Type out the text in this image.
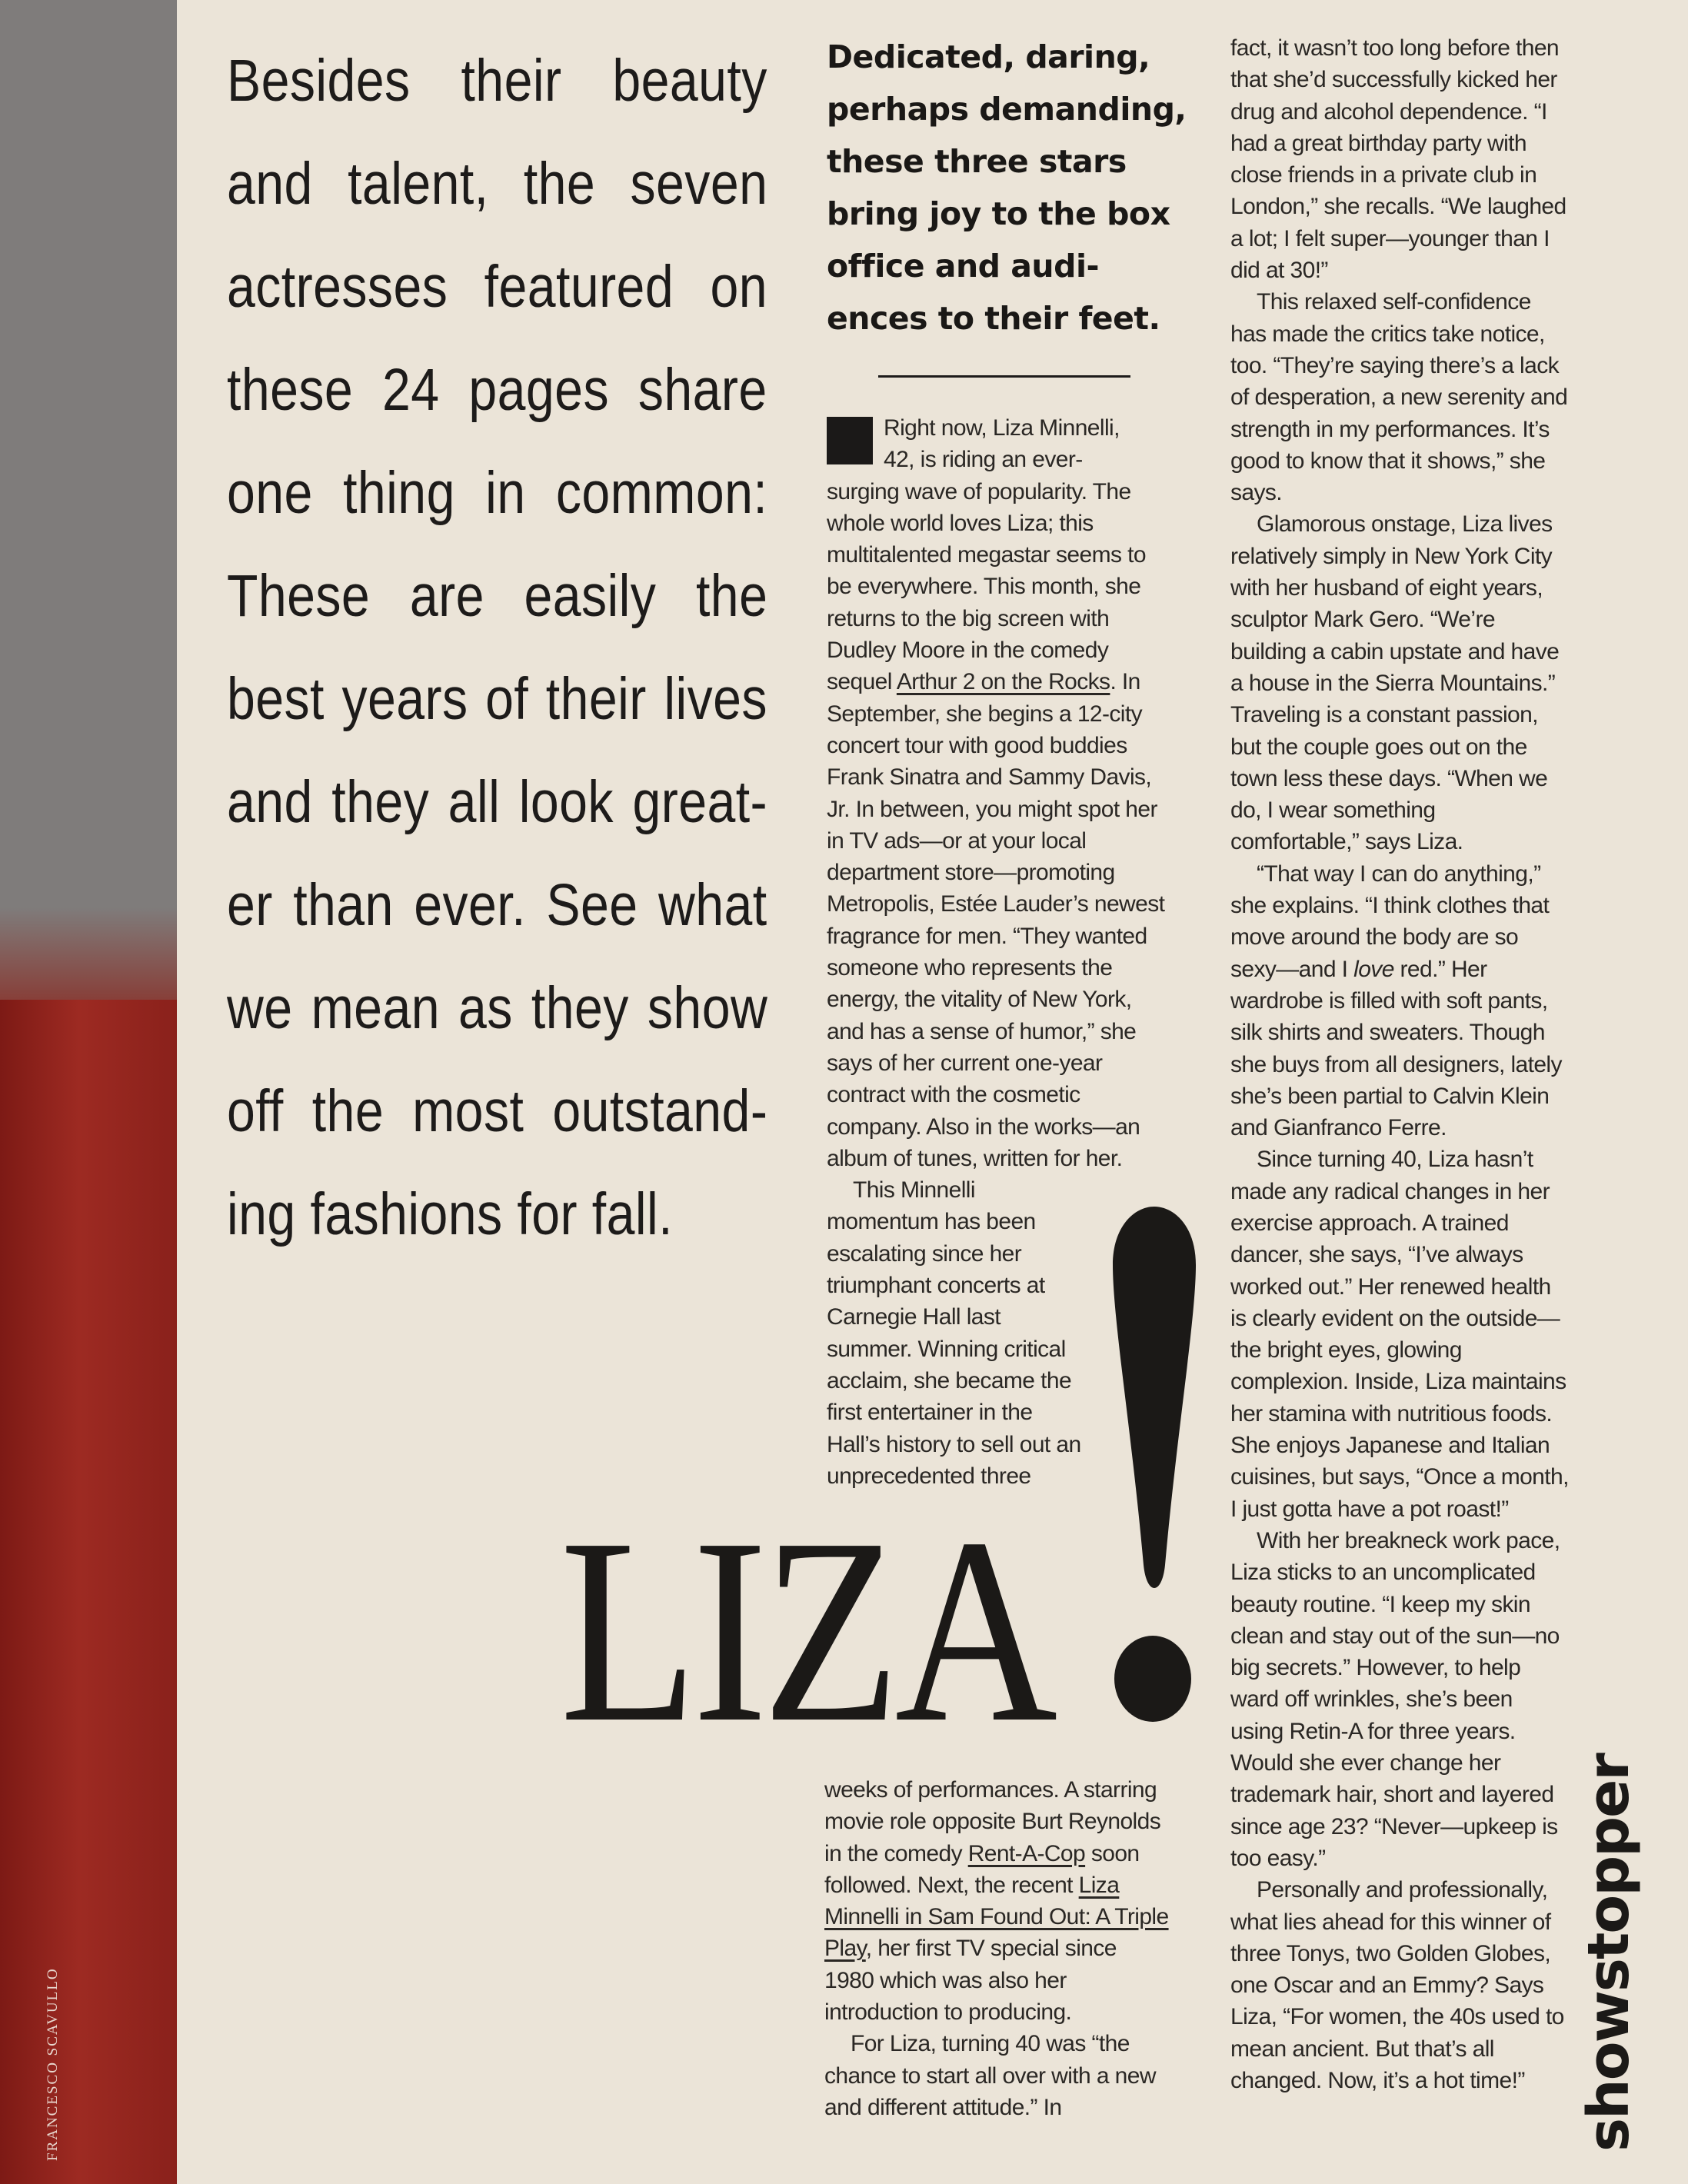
FRANCESCO SCAVULLO
Besides their beauty
and talent, the seven
actresses featured on
these 24 pages share
one thing in common:
These are easily the
best years of their lives
and they all look great-
er than ever. See what
we mean as they show
off the most outstand-
ing fashions for fall.
Dedicated, daring,
perhaps demanding,
these three stars
bring joy to the box
office and audi-
ences to their feet.

Right now, Liza Minnelli,
42, is riding an ever-
surging wave of popularity. The whole world loves Liza; this multitalented megastar seems to be everywhere. This month, she returns to the big screen with Dudley Moore in the comedy sequel Arthur 2 on the Rocks. In September, she begins a 12-city concert tour with good buddies Frank Sinatra and Sammy Davis, Jr. In between, you might spot her in TV ads—or at your local department store—promoting Metropolis, Estée Lauder’s newest fragrance for men. “They wanted someone who represents the energy, the vitality of New York, and has a sense of humor,” she says of her current one-year contract with the cosmetic company. Also in the works—an album of tunes, written for her.

This Minnelli
momentum has been
escalating since her
triumphant concerts at
Carnegie Hall last
summer. Winning critical
acclaim, she became the
first entertainer in the
Hall’s history to sell out an
unprecedented three

LIZA

weeks of performances. A starring movie role opposite Burt Reynolds in the comedy Rent-A-Cop soon followed. Next, the recent Liza Minnelli in Sam Found Out: A Triple Play, her first TV special since 1980 which was also her introduction to producing.

For Liza, turning 40 was “the chance to start all over with a new and different attitude.” In

fact, it wasn’t too long before then that she’d successfully kicked her drug and alcohol dependence. “I had a great birthday party with close friends in a private club in London,” she recalls. “We laughed a lot; I felt super—younger than I did at 30!”

This relaxed self-confidence has made the critics take notice, too. “They’re saying there’s a lack of desperation, a new serenity and strength in my performances. It’s good to know that it shows,” she says.

Glamorous onstage, Liza lives relatively simply in New York City with her husband of eight years, sculptor Mark Gero. “We’re building a cabin upstate and have a house in the Sierra Mountains.” Traveling is a constant passion, but the couple goes out on the town less these days. “When we do, I wear something comfortable,” says Liza.

“That way I can do anything,” she explains. “I think clothes that move around the body are so sexy—and I love red.” Her wardrobe is filled with soft pants, silk shirts and sweaters. Though she buys from all designers, lately she’s been partial to Calvin Klein and Gianfranco Ferre.

Since turning 40, Liza hasn’t made any radical changes in her exercise approach. A trained dancer, she says, “I’ve always worked out.” Her renewed health is clearly evident on the outside—the bright eyes, glowing complexion. Inside, Liza maintains her stamina with nutritious foods. She enjoys Japanese and Italian cuisines, but says, “Once a month, I just gotta have a pot roast!”

With her breakneck work pace, Liza sticks to an uncomplicated beauty routine. “I keep my skin clean and stay out of the sun—no big secrets.” However, to help ward off wrinkles, she’s been using Retin-A for three years. Would she ever change her trademark hair, short and layered since age 23? “Never—upkeep is too easy.”

Personally and professionally, what lies ahead for this winner of three Tonys, two Golden Globes, one Oscar and an Emmy? Says Liza, “For women, the 40s used to mean ancient. But that’s all changed. Now, it’s a hot time!” showstopper
